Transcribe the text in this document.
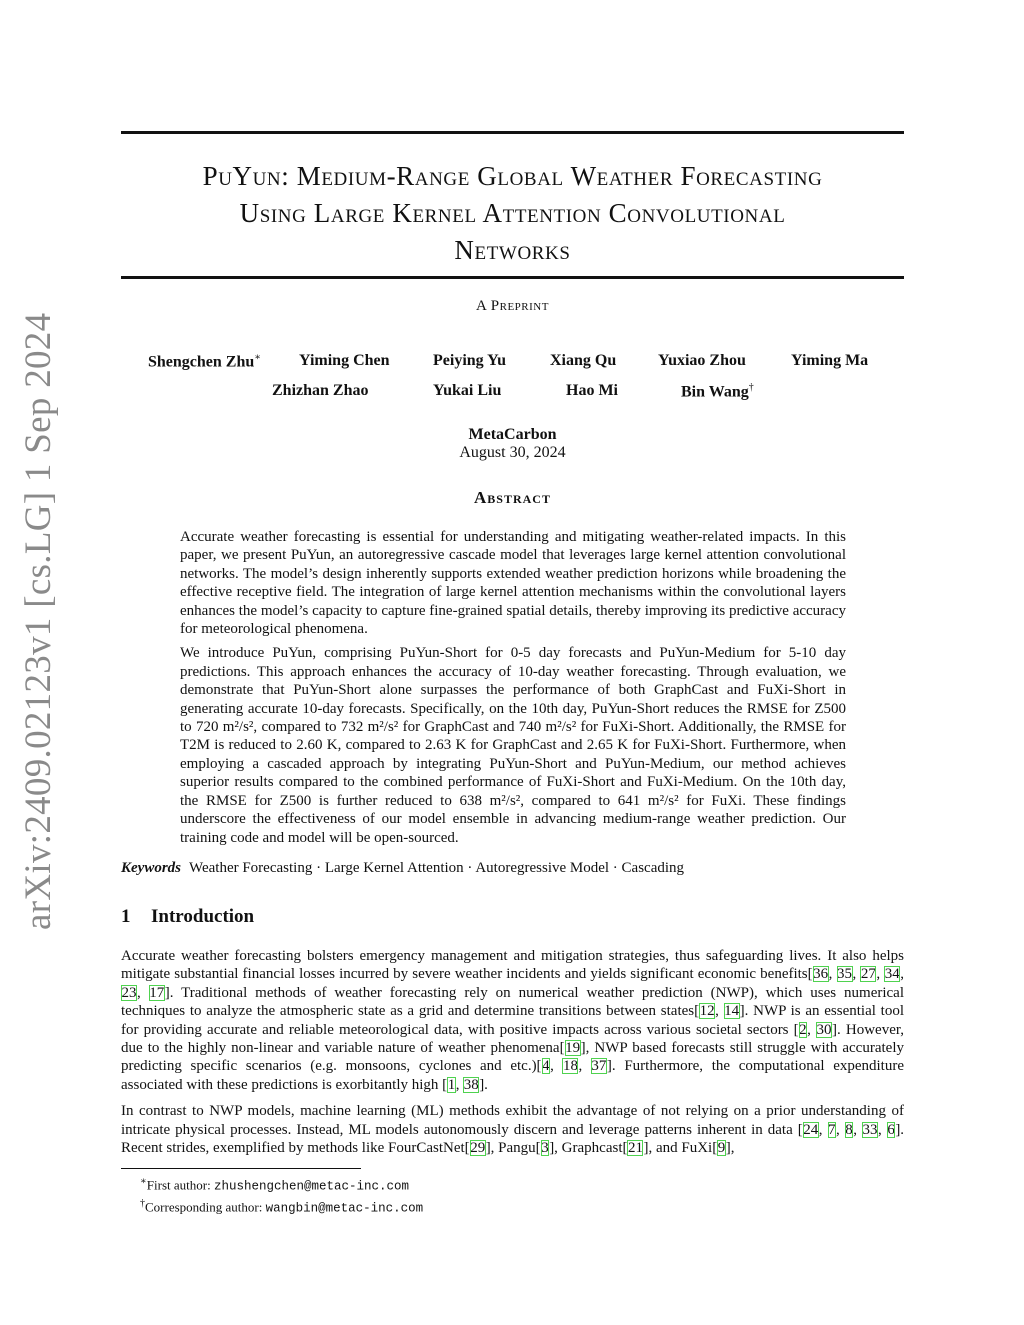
arXiv:2409.02123v1 [cs.LG] 1 Sep 2024
PuYun: Medium-Range Global Weather Forecasting
Using Large Kernel Attention Convolutional
Networks
A Preprint
Shengchen Zhu∗ Yiming Chen	Peiying Yu	Xiang Qu	Yuxiao Zhou	Yiming Ma
Zhizhan Zhao	Yukai Liu	Hao Mi	Bin Wang†
MetaCarbon
August 30, 2024
Abstract

Accurate weather forecasting is essential for understanding and mitigating weather-related impacts. In this paper, we present PuYun, an autoregressive cascade model that leverages large kernel attention convolutional networks. The model’s design inherently supports extended weather prediction horizons while broadening the effective receptive field. The integration of large kernel attention mechanisms within the convolutional layers enhances the model’s capacity to capture fine-grained spatial details, thereby improving its predictive accuracy for meteorological phenomena.

We introduce PuYun, comprising PuYun-Short for 0-5 day forecasts and PuYun-Medium for 5-10 day predictions. This approach enhances the accuracy of 10-day weather forecasting. Through evaluation, we demonstrate that PuYun-Short alone surpasses the performance of both GraphCast and FuXi-Short in generating accurate 10-day forecasts. Specifically, on the 10th day, PuYun-Short reduces the RMSE for Z500 to 720 m²/s², compared to 732 m²/s² for GraphCast and 740 m²/s² for FuXi-Short. Additionally, the RMSE for T2M is reduced to 2.60 K, compared to 2.63 K for GraphCast and 2.65 K for FuXi-Short. Furthermore, when employing a cascaded approach by integrating PuYun-Short and PuYun-Medium, our method achieves superior results compared to the combined performance of FuXi-Short and FuXi-Medium. On the 10th day, the RMSE for Z500 is further reduced to 638 m²/s², compared to 641 m²/s² for FuXi. These findings underscore the effectiveness of our model ensemble in advancing medium-range weather prediction. Our training code and model will be open-sourced.

Keywords Weather Forecasting · Large Kernel Attention · Autoregressive Model · Cascading
1 Introduction

Accurate weather forecasting bolsters emergency management and mitigation strategies, thus safeguarding lives. It also helps mitigate substantial financial losses incurred by severe weather incidents and yields significant economic benefits[36, 35, 27, 34, 23, 17]. Traditional methods of weather forecasting rely on numerical weather prediction (NWP), which uses numerical techniques to analyze the atmospheric state as a grid and determine transitions between states[12, 14]. NWP is an essential tool for providing accurate and reliable meteorological data, with positive impacts across various societal sectors [2, 30]. However, due to the highly non-linear and variable nature of weather phenomena[19], NWP based forecasts still struggle with accurately predicting specific scenarios (e.g. monsoons, cyclones and etc.)[4, 18, 37]. Furthermore, the computational expenditure associated with these predictions is exorbitantly high [1, 38].

In contrast to NWP models, machine learning (ML) methods exhibit the advantage of not relying on a prior understanding of intricate physical processes. Instead, ML models autonomously discern and leverage patterns inherent in data [24, 7, 8, 33, 6]. Recent strides, exemplified by methods like FourCastNet[29], Pangu[3], Graphcast[21], and FuXi[9],

∗First author: zhushengchen@metac-inc.com
†Corresponding author: wangbin@metac-inc.com
